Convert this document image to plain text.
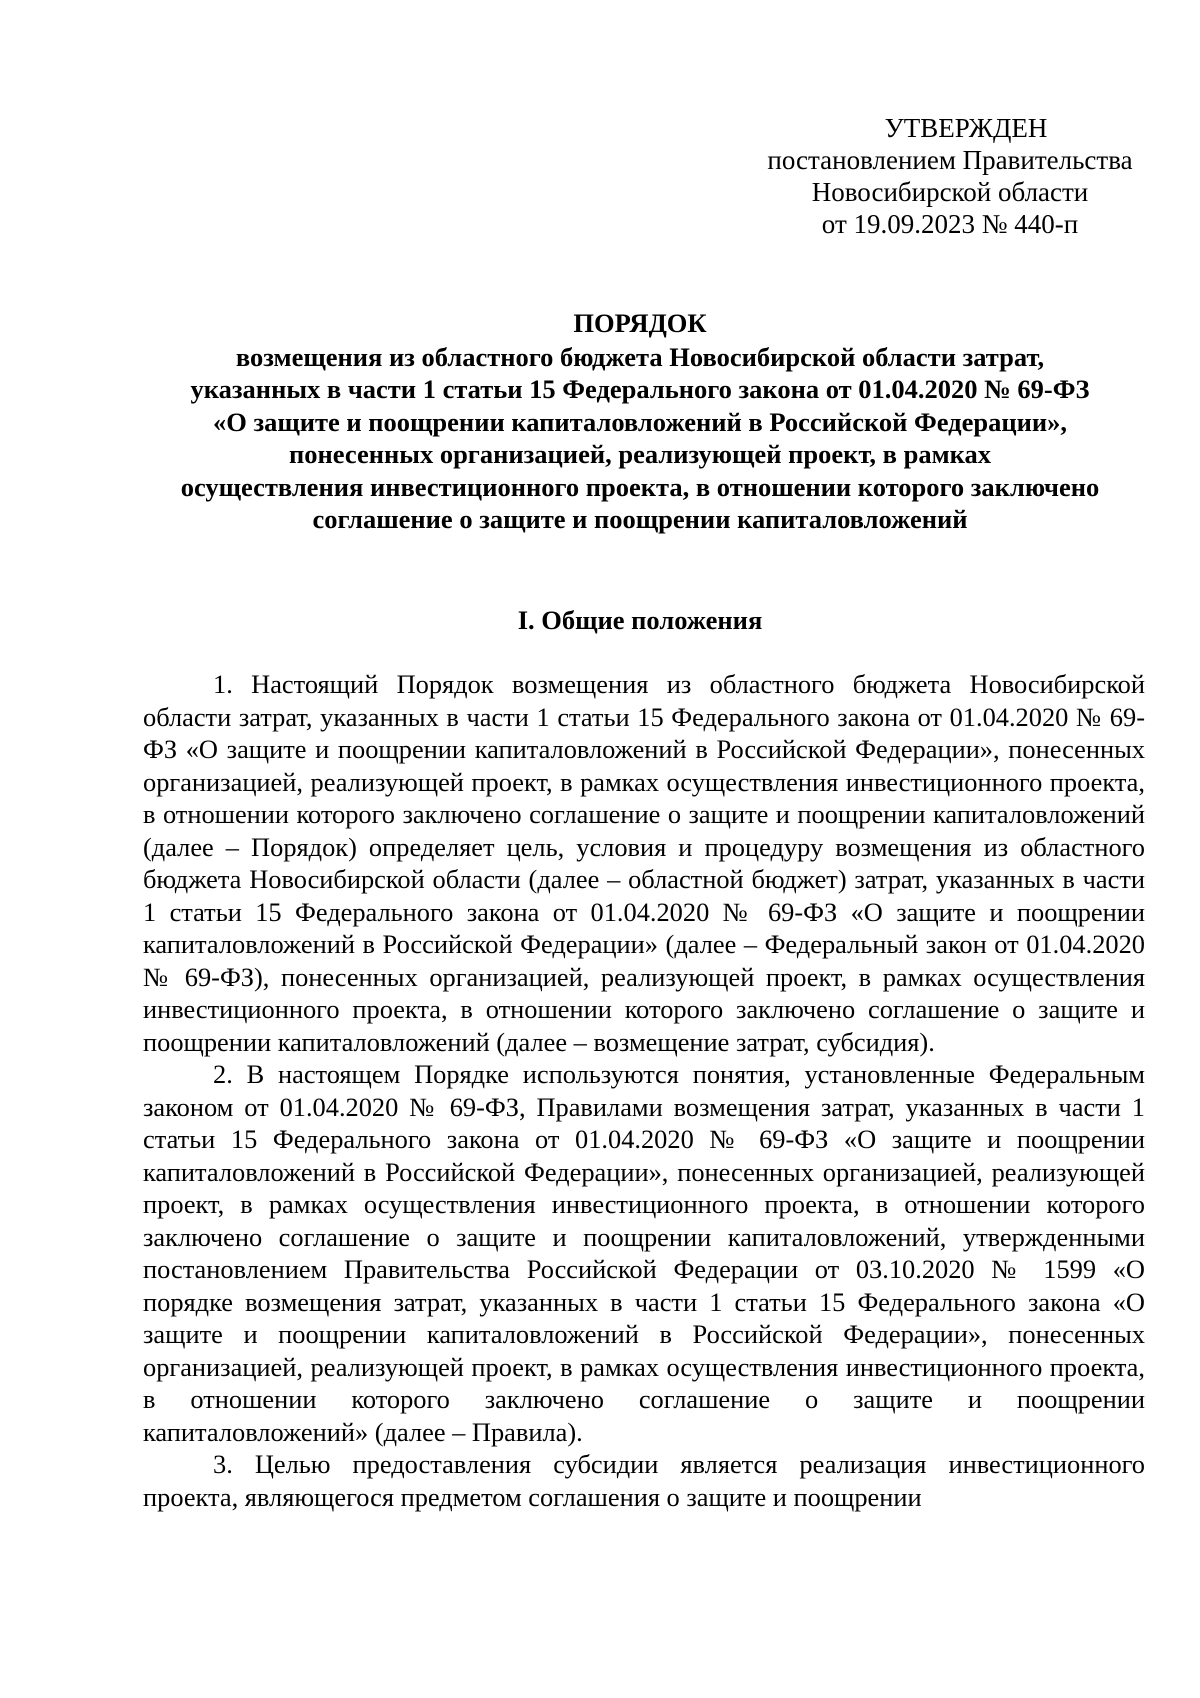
УТВЕРЖДЕН
постановлением Правительства
Новосибирской области
от 19.09.2023 № 440-п
ПОРЯДОК
возмещения из областного бюджета Новосибирской области затрат,
указанных в части 1 статьи 15 Федерального закона от 01.04.2020 № 69-ФЗ
«О защите и поощрении капиталовложений в Российской Федерации»,
понесенных организацией, реализующей проект, в рамках
осуществления инвестиционного проекта, в отношении которого заключено
соглашение о защите и поощрении капиталовложений
I. Общие положения

1. Настоящий Порядок возмещения из областного бюджета Новосибирской области затрат, указанных в части 1 статьи 15 Федерального закона от 01.04.2020 № 69-ФЗ «О защите и поощрении капиталовложений в Российской Федерации», понесенных организацией, реализующей проект, в рамках осуществления инвестиционного проекта, в отношении которого заключено соглашение о защите и поощрении капиталовложений (далее – Порядок) определяет цель, условия и процедуру возмещения из областного бюджета Новосибирской области (далее – областной бюджет) затрат, указанных в части 1 статьи 15 Федерального закона от 01.04.2020 № 69-ФЗ «О защите и поощрении капиталовложений в Российской Федерации» (далее – Федеральный закон от 01.04.2020 № 69-ФЗ), понесенных организацией, реализующей проект, в рамках осуществления инвестиционного проекта, в отношении которого заключено соглашение о защите и поощрении капиталовложений (далее – возмещение затрат, субсидия).

2. В настоящем Порядке используются понятия, установленные Федеральным законом от 01.04.2020 № 69-ФЗ, Правилами возмещения затрат, указанных в части 1 статьи 15 Федерального закона от 01.04.2020 № 69-ФЗ «О защите и поощрении капиталовложений в Российской Федерации», понесенных организацией, реализующей проект, в рамках осуществления инвестиционного проекта, в отношении которого заключено соглашение о защите и поощрении капиталовложений, утвержденными постановлением Правительства Российской Федерации от 03.10.2020 № 1599 «О порядке возмещения затрат, указанных в части 1 статьи 15 Федерального закона «О защите и поощрении капиталовложений в Российской Федерации», понесенных организацией, реализующей проект, в рамках осуществления инвестиционного проекта, в отношении которого заключено соглашение о защите и поощрении капиталовложений» (далее – Правила).

3. Целью предоставления субсидии является реализация инвестиционного проекта, являющегося предметом соглашения о защите и поощрении
